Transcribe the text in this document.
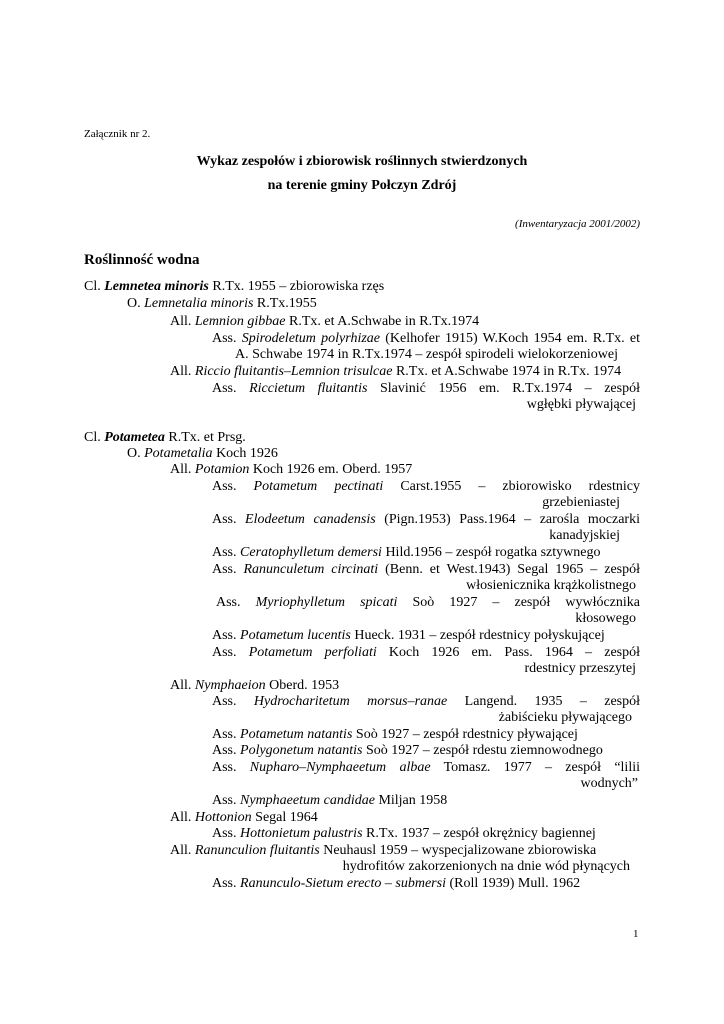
Załącznik nr 2.
Wykaz zespołów i zbiorowisk roślinnych stwierdzonych
na terenie gminy Połczyn Zdrój
(Inwentaryzacja 2001/2002)
Roślinność wodna
Cl. Lemnetea minoris R.Tx. 1955 – zbiorowiska rzęs
O. Lemnetalia minoris R.Tx.1955
All. Lemnion gibbae R.Tx. et A.Schwabe in R.Tx.1974
Ass. Spirodeletum polyrhizae (Kelhofer 1915) W.Koch 1954 em. R.Tx. et
A. Schwabe 1974 in R.Tx.1974 – zespół spirodeli wielokorzeniowej
All. Riccio fluitantis–Lemnion trisulcae R.Tx. et A.Schwabe 1974 in R.Tx. 1974
Ass. Riccietum fluitantis Slavinić 1956 em. R.Tx.1974 – zespół
wgłębki pływającej
Cl. Potametea R.Tx. et Prsg.
O. Potametalia Koch 1926
All. Potamion Koch 1926 em. Oberd. 1957
Ass. Potametum pectinati Carst.1955 – zbiorowisko rdestnicy
grzebieniastej
Ass. Elodeetum canadensis (Pign.1953) Pass.1964 – zarośla moczarki
kanadyjskiej
Ass. Ceratophylletum demersi Hild.1956 – zespół rogatka sztywnego
Ass. Ranunculetum circinati (Benn. et West.1943) Segal 1965 – zespół
włosienicznika krążkolistnego
Ass. Myriophylletum spicati Soò 1927 – zespół wywłócznika
kłosowego
Ass. Potametum lucentis Hueck. 1931 – zespół rdestnicy połyskującej
Ass. Potametum perfoliati Koch 1926 em. Pass. 1964 – zespół
rdestnicy przeszytej
All. Nymphaeion Oberd. 1953
Ass. Hydrocharitetum morsus–ranae Langend. 1935 – zespół
żabiścieku pływającego
Ass. Potametum natantis Soò 1927 – zespół rdestnicy pływającej
Ass. Polygonetum natantis Soò 1927 – zespół rdestu ziemnowodnego
Ass. Nupharo–Nymphaeetum albae Tomasz. 1977 – zespół “lilii
wodnych”
Ass. Nymphaeetum candidae Miljan 1958
All. Hottonion Segal 1964
Ass. Hottonietum palustris R.Tx. 1937 – zespół okrężnicy bagiennej
All. Ranunculion fluitantis Neuhausl 1959 – wyspecjalizowane zbiorowiska
hydrofitów zakorzenionych na dnie wód płynących
Ass. Ranunculo-Sietum erecto – submersi (Roll 1939) Mull. 1962
1
